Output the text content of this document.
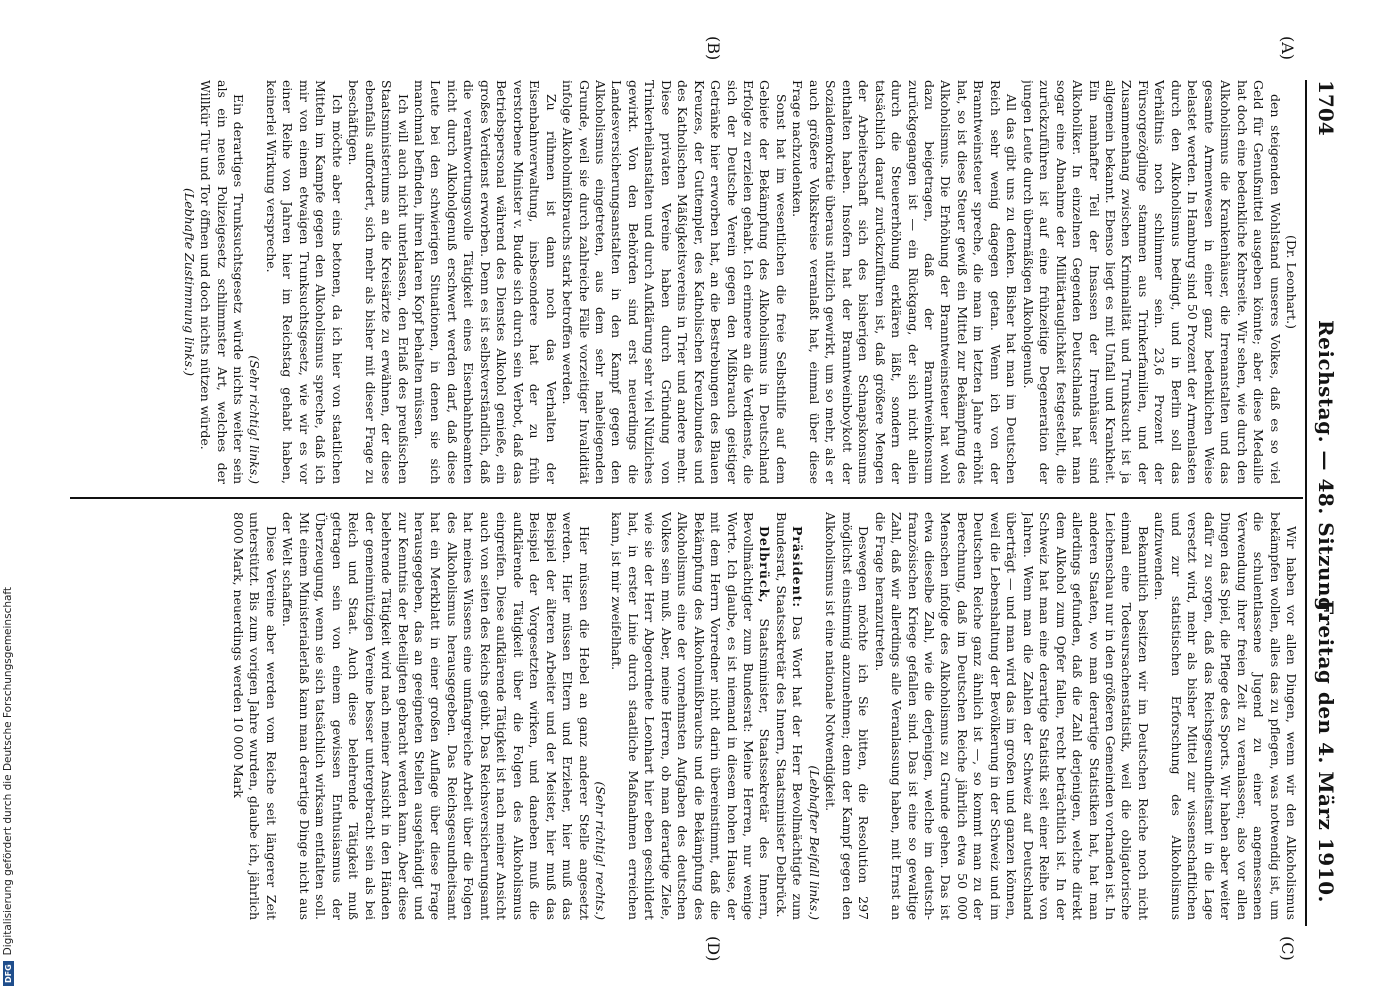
1704
Reichstag. — 48. Sitzung.
Freitag den 4. März 1910.
(A)
(B)
(C)
(D)

(Dr. Leonhart.)

den steigenden Wohlstand unseres Volkes, daß es so viel Geld für Genußmittel ausgeben könnte; aber diese Medaille hat doch eine bedenkliche Kehrseite. Wir sehen, wie durch den Alkoholismus die Krankenhäuser, die Irrenanstalten und das gesamte Armenwesen in einer ganz bedenklichen Weise belastet werden. In Hamburg sind 50 Prozent der Armenlasten durch den Alkoholismus bedingt, und in Berlin soll das Verhältnis noch schlimmer sein. 23,6 Prozent der Fürsorgezöglinge stammen aus Trinkerfamilien, und der Zusammenhang zwischen Kriminalität und Trunksucht ist ja allgemein bekannt. Ebenso liegt es mit Unfall und Krankheit. Ein namhafter Teil der Insassen der Irrenhäuser sind Alkoholiker. In einzelnen Gegenden Deutschlands hat man sogar eine Abnahme der Militärtauglichkeit festgestellt, die zurückzuführen ist auf eine frühzeitige Degeneration der jungen Leute durch übermäßigen Alkoholgenuß.

All das gibt uns zu denken. Bisher hat man im Deutschen Reich sehr wenig dagegen getan. Wenn ich von der Branntweinsteuer spreche, die man im letzten Jahre erhöht hat, so ist diese Steuer gewiß ein Mittel zur Bekämpfung des Alkoholismus. Die Erhöhung der Branntweinsteuer hat wohl dazu beigetragen, daß der Branntweinkonsum zurückgegangen ist — ein Rückgang, der sich nicht allein durch die Steuererhöhung erklären läßt, sondern der tatsächlich darauf zurückzuführen ist, daß größere Mengen der Arbeiterschaft sich des bisherigen Schnapskonsums enthalten haben. Insofern hat der Branntweinboykott der Sozialdemokratie überaus nützlich gewirkt, um so mehr, als er auch größere Volkskreise veranlaßt hat, einmal über diese Frage nachzudenken.

Sonst hat im wesentlichen die freie Selbsthilfe auf dem Gebiete der Bekämpfung des Alkoholismus in Deutschland Erfolge zu erzielen gehabt. Ich erinnere an die Verdienste, die sich der Deutsche Verein gegen den Mißbrauch geistiger Getränke hier erworben hat, an die Bestrebungen des Blauen Kreuzes, der Guttempler, des Katholischen Kreuzbundes und des Katholischen Mäßigkeitsvereins in Trier und andere mehr. Diese privaten Vereine haben durch Gründung von Trinkerheilanstalten und durch Aufklärung sehr viel Nützliches gewirkt. Von den Behörden sind erst neuerdings die Landesversicherungsanstalten in den Kampf gegen den Alkoholismus eingetreten, aus dem sehr naheliegenden Grunde, weil sie durch zahlreiche Fälle vorzeitiger Invalidität infolge Alkoholmißbrauchs stark betroffen werden.

Zu rühmen ist dann noch das Verhalten der Eisenbahnverwaltung, insbesondere hat der zu früh verstorbene Minister v. Budde sich durch sein Verbot, daß das Betriebspersonal während des Dienstes Alkohol genieße, ein großes Verdienst erworben. Denn es ist selbstverständlich, daß die verantwortungsvolle Tätigkeit eines Eisenbahnbeamten nicht durch Alkoholgenuß erschwert werden darf, daß diese Leute bei den schwierigen Situationen, in denen sie sich manchmal befinden, ihren klaren Kopf behalten müssen.

Ich will auch nicht unterlassen, den Erlaß des preußischen Staatsministeriums an die Kreisärzte zu erwähnen, der diese ebenfalls auffordert, sich mehr als bisher mit dieser Frage zu beschäftigen.

Ich möchte aber eins betonen, da ich hier von staatlichen Mitteln im Kampfe gegen den Alkoholismus spreche, daß ich mir von einem etwaigen Trunksuchtsgesetz, wie wir es vor einer Reihe von Jahren hier im Reichstag gehabt haben, keinerlei Wirkung verspreche.

(Sehr richtig! links.)

Ein derartiges Trunksuchtsgesetz würde nichts weiter sein als ein neues Polizeigesetz schlimmster Art, welches der Willkür Tür und Tor öffnen und doch nichts nützen würde.

(Lebhafte Zustimmung links.)

Wir haben vor allen Dingen, wenn wir den Alkoholismus bekämpfen wollen, alles das zu pflegen, was notwendig ist, um die schulentlassene Jugend zu einer angemessenen Verwendung ihrer freien Zeit zu veranlassen; also vor allen Dingen das Spiel, die Pflege des Sports. Wir haben aber weiter dafür zu sorgen, daß das Reichsgesundheitsamt in die Lage versetzt wird, mehr als bisher Mittel zur wissenschaftlichen und zur statistischen Erforschung des Alkoholismus aufzuwenden.

Bekanntlich besitzen wir im Deutschen Reiche noch nicht einmal eine Todesursachenstatistik, weil die obligatorische Leichenschau nur in den größeren Gemeinden vorhanden ist. In anderen Staaten, wo man derartige Statistiken hat, hat man allerdings gefunden, daß die Zahl derjenigen, welche direkt dem Alkohol zum Opfer fallen, recht beträchtlich ist. In der Schweiz hat man eine derartige Statistik seit einer Reihe von Jahren. Wenn man die Zahlen der Schweiz auf Deutschland überträgt — und man wird das im großen und ganzen können, weil die Lebenshaltung der Bevölkerung in der Schweiz und im Deutschen Reiche ganz ähnlich ist —, so kommt man zu der Berechnung, daß im Deutschen Reiche jährlich etwa 50 000 Menschen infolge des Alkoholismus zu Grunde gehen. Das ist etwa dieselbe Zahl, wie die derjenigen, welche im deutsch-französischen Kriege gefallen sind. Das ist eine so gewaltige Zahl, daß wir allerdings alle Veranlassung haben, mit Ernst an die Frage heranzutreten.

Deswegen möchte ich Sie bitten, die Resolution 297 möglichst einstimmig anzunehmen; denn der Kampf gegen den Alkoholismus ist eine nationale Notwendigkeit.

(Lebhafter Beifall links.)

Präsident: Das Wort hat der Herr Bevollmächtigte zum Bundesrat, Staatssekretär des Innern, Staatsminister Delbrück.

Delbrück, Staatsminister, Staatssekretär des Innern, Bevollmächtigter zum Bundesrat: Meine Herren, nur wenige Worte. Ich glaube, es ist niemand in diesem hohen Hause, der mit dem Herrn Vorredner nicht darin übereinstimmt, daß die Bekämpfung des Alkoholmißbrauchs und die Bekämpfung des Alkoholismus eine der vornehmsten Aufgaben des deutschen Volkes sein muß. Aber, meine Herren, ob man derartige Ziele, wie sie der Herr Abgeordnete Leonhart hier eben geschildert hat, in erster Linie durch staatliche Maßnahmen erreichen kann, ist mir zweifelhaft.

(Sehr richtig! rechts.)

Hier müssen die Hebel an ganz anderer Stelle angesetzt werden. Hier müssen Eltern und Erzieher, hier muß das Beispiel der älteren Arbeiter und der Meister, hier muß das Beispiel der Vorgesetzten wirken, und daneben muß die aufklärende Tätigkeit über die Folgen des Alkoholismus eingreifen. Diese aufklärende Tätigkeit ist nach meiner Ansicht auch von seiten des Reichs geübt. Das Reichsversicherungsamt hat meines Wissens eine umfangreiche Arbeit über die Folgen des Alkoholismus herausgegeben. Das Reichsgesundheitsamt hat ein Merkblatt in einer großen Auflage über diese Frage herausgegeben, das an geeigneten Stellen ausgehändigt und zur Kenntnis der Beteiligten gebracht werden kann. Aber diese belehrende Tätigkeit wird nach meiner Ansicht in den Händen der gemeinnützigen Vereine besser untergebracht sein als bei Reich und Staat. Auch diese belehrende Tätigkeit muß getragen sein von einem gewissen Enthusiasmus der Überzeugung, wenn sie sich tatsächlich wirksam entfalten soll. Mit einem Ministerialerlaß kann man derartige Dinge nicht aus der Welt schaffen.

Diese Vereine aber werden vom Reiche seit längerer Zeit unterstützt. Bis zum vorigen Jahre wurden, glaube ich, jährlich 8000 Mark, neuerdings werden 10 000 Mark

DFGDigitalisierung gefördert durch die Deutsche Forschungsgemeinschaft
